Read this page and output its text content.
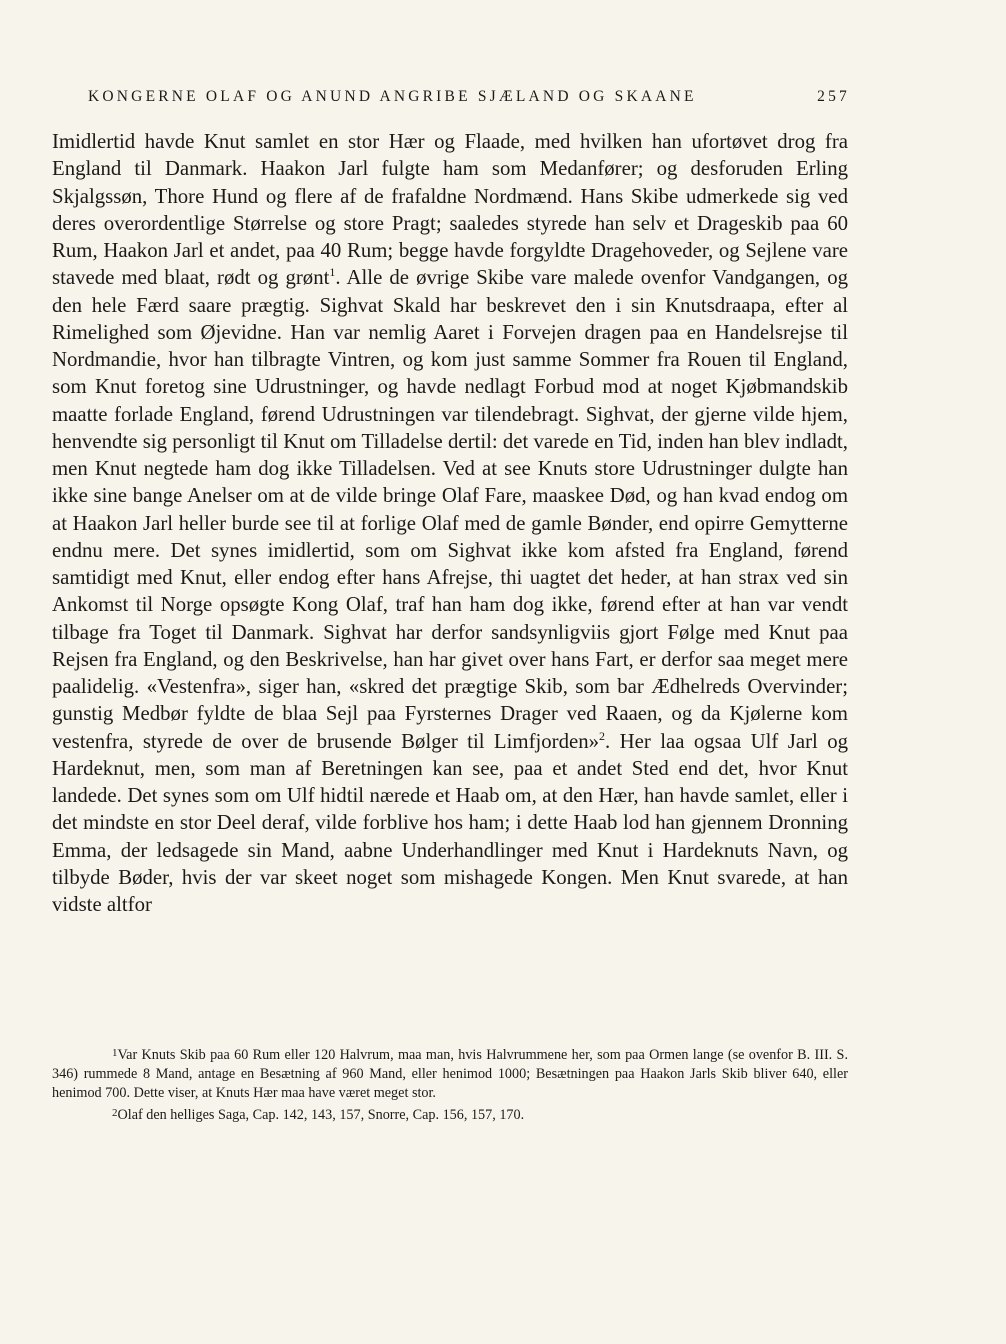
KONGERNE OLAF OG ANUND ANGRIBE SJÆLAND OG SKAANE	257

Imidlertid havde Knut samlet en stor Hær og Flaade, med hvilken han ufortøvet drog fra England til Danmark. Haakon Jarl fulgte ham som Medanfører; og desforuden Erling Skjalgssøn, Thore Hund og flere af de frafaldne Nordmænd. Hans Skibe udmerkede sig ved deres overordentlige Størrelse og store Pragt; saaledes styrede han selv et Drageskib paa 60 Rum, Haakon Jarl et andet, paa 40 Rum; begge havde forgyldte Dragehoveder, og Sejlene vare stavede med blaat, rødt og grønt$^1$. Alle de øvrige Skibe vare malede ovenfor Vandgangen, og den hele Færd saare prægtig. Sighvat Skald har beskrevet den i sin Knutsdraapa, efter al Rimelighed som Øjevidne. Han var nemlig Aaret i Forvejen dragen paa en Handelsrejse til Nordmandie, hvor han tilbragte Vintren, og kom just samme Sommer fra Rouen til England, som Knut foretog sine Udrustninger, og havde nedlagt Forbud mod at noget Kjøbmandskib maatte forlade England, førend Udrustningen var tilendebragt. Sighvat, der gjerne vilde hjem, henvendte sig personligt til Knut om Tilladelse dertil: det varede en Tid, inden han blev indladt, men Knut negtede ham dog ikke Tilladelsen. Ved at see Knuts store Udrustninger dulgte han ikke sine bange Anelser om at de vilde bringe Olaf Fare, maaskee Død, og han kvad endog om at Haakon Jarl heller burde see til at forlige Olaf med de gamle Bønder, end opirre Gemytterne endnu mere. Det synes imidlertid, som om Sighvat ikke kom afsted fra England, førend samtidigt med Knut, eller endog efter hans Afrejse, thi uagtet det heder, at han strax ved sin Ankomst til Norge opsøgte Kong Olaf, traf han ham dog ikke, førend efter at han var vendt tilbage fra Toget til Danmark. Sighvat har derfor sandsynligviis gjort Følge med Knut paa Rejsen fra England, og den Beskrivelse, han har givet over hans Fart, er derfor saa meget mere paalidelig. «Vestenfra», siger han, «skred det prægtige Skib, som bar Ædhelreds Overvinder; gunstig Medbør fyldte de blaa Sejl paa Fyrsternes Drager ved Raaen, og da Kjølerne kom vestenfra, styrede de over de brusende Bølger til Limfjorden»$^2$. Her laa ogsaa Ulf Jarl og Hardeknut, men, som man af Beretningen kan see, paa et andet Sted end det, hvor Knut landede. Det synes som om Ulf hidtil nærede et Haab om, at den Hær, han havde samlet, eller i det mindste en stor Deel deraf, vilde forblive hos ham; i dette Haab lod han gjennem Dronning Emma, der ledsagede sin Mand, aabne Underhandlinger med Knut i Hardeknuts Navn, og tilbyde Bøder, hvis der var skeet noget som mishagede Kongen. Men Knut svarede, at han vidste altfor

1Var Knuts Skib paa 60 Rum eller 120 Halvrum, maa man, hvis Halvrummene her, som paa Ormen lange (se ovenfor B. III. S. 346) rummede 8 Mand, antage en Besætning af 960 Mand, eller henimod 1000; Besætningen paa Haakon Jarls Skib bliver 640, eller henimod 700. Dette viser, at Knuts Hær maa have været meget stor.

2Olaf den helliges Saga, Cap. 142, 143, 157, Snorre, Cap. 156, 157, 170.
